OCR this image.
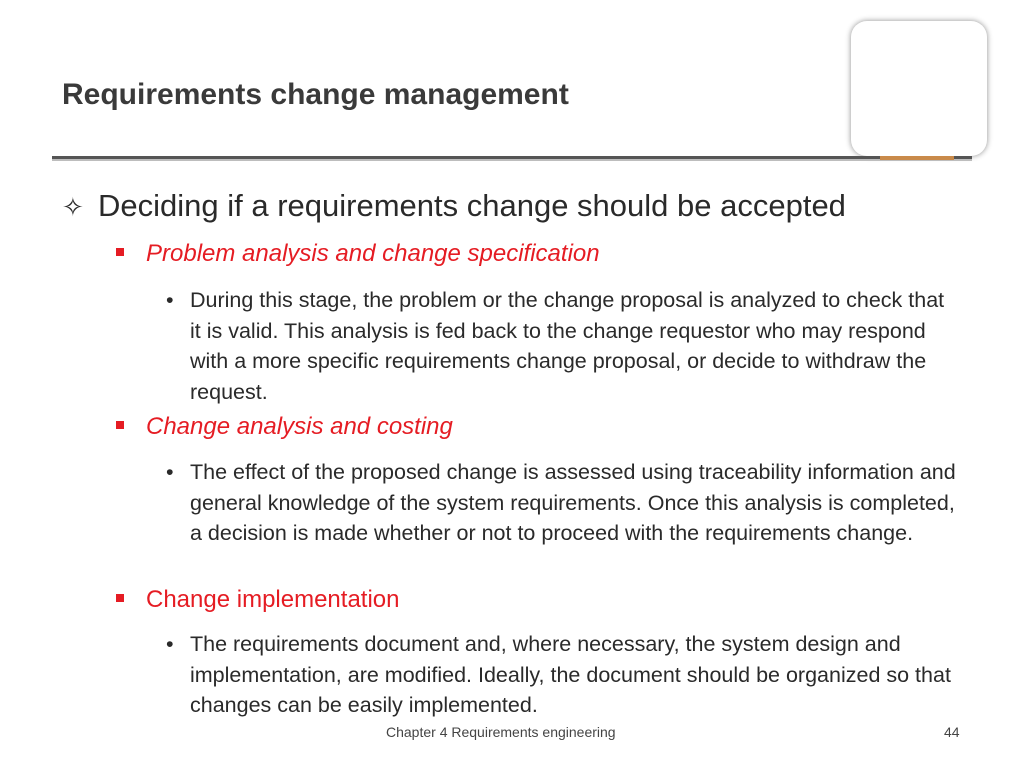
Requirements change management
✧ Deciding if a requirements change should be accepted
Problem analysis and change specification
• During this stage, the problem or the change proposal is analyzed to check that it is valid. This analysis is fed back to the change requestor who may respond with a more specific requirements change proposal, or decide to withdraw the request.
Change analysis and costing
• The effect of the proposed change is assessed using traceability information and general knowledge of the system requirements. Once this analysis is completed, a decision is made whether or not to proceed with the requirements change.
Change implementation
• The requirements document and, where necessary, the system design and implementation, are modified. Ideally, the document should be organized so that changes can be easily implemented.
Chapter 4 Requirements engineering	44
